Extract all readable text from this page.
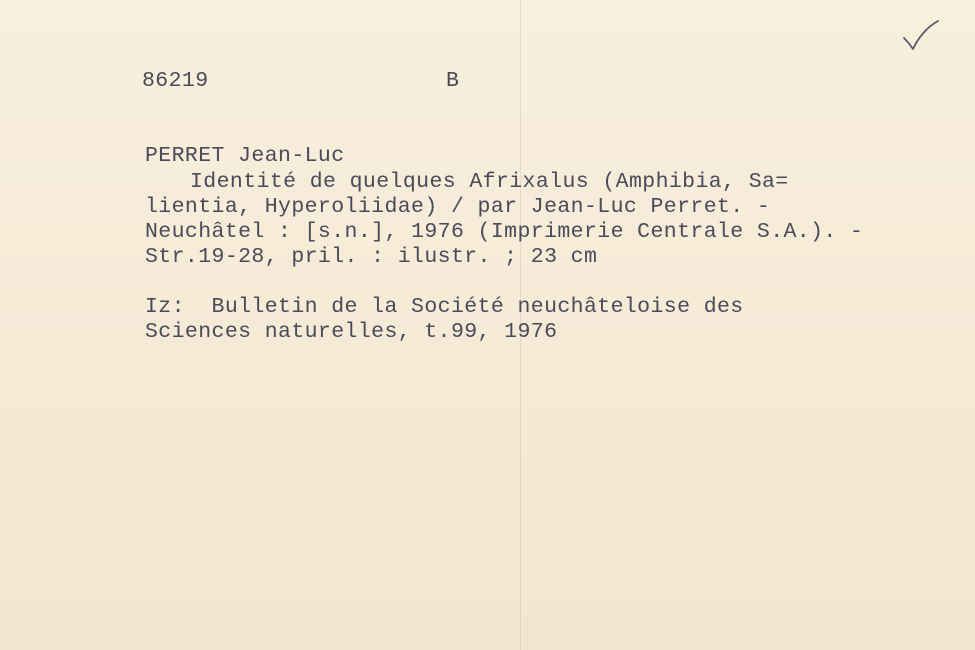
86219	B
PERRET Jean-Luc
Identité de quelques Afrixalus (Amphibia, Sa=
lientia, Hyperoliidae) / par Jean-Luc Perret. -
Neuchâtel : [s.n.], 1976 (Imprimerie Centrale S.A.). -
Str.19-28, pril. : ilustr. ; 23 cm
Iz:  Bulletin de la Société neuchâteloise des
Sciences naturelles, t.99, 1976
